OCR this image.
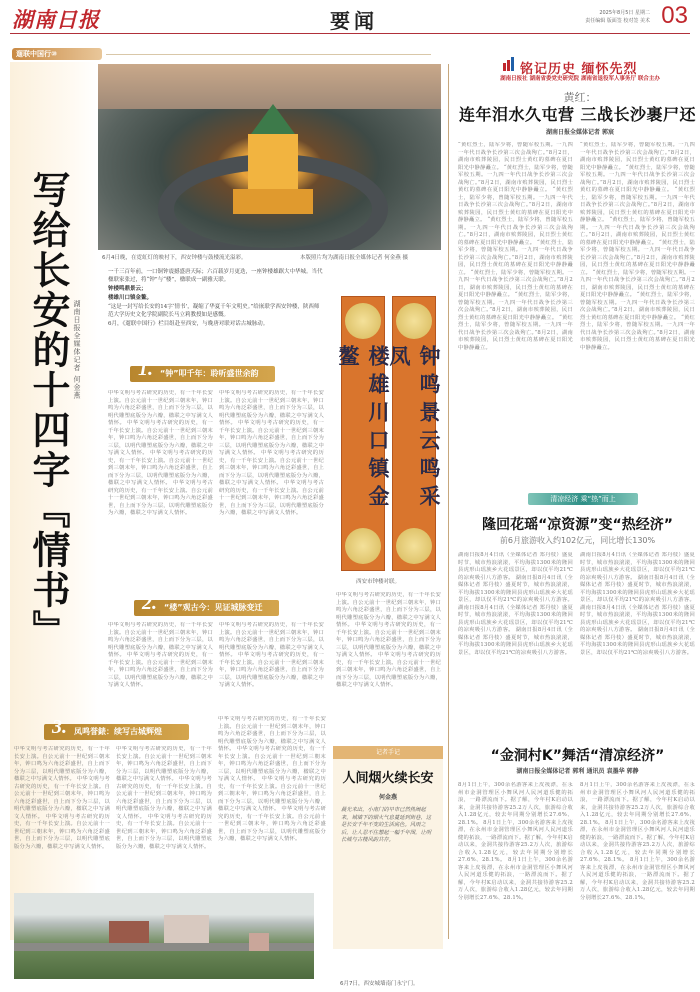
湖南日报	要闻	2025年8月5日 星期二
责任编辑 版面签 校对签 美术 03
遛联中国行⑩
写给长安的十四字『情书』 湖南日报全媒体记者 何金燕
6月4日晚，在霓虹灯的映衬下，西安钟楼与鼓楼流光溢彩。	本版照片均为湖南日报全媒体记者 何金燕 摄

一千三百年前，一口铜钟震撼盛唐天际；六百载岁月更迭，一座钟楼雄踞大中华城。当代楹联家张过，将“钟”与“楼”，楹联成一副雅天联。

钟楼鸣鼎景云；

楼雄川口镇金鳌。

“这是一封写给长安的14字‘情书’，凝缩了华夏千年文明史。”给嵌联学西安钟楼，陕西师范大学历史文化学院副院长马立莉教授如是感慨。

6月，《遛联中国行》栏目组赴至西安，与晚唐对联对话古城脉动。

楼雄川口镇金鳌	钟鸣景云鸣采凤
西安市钟楼对联。
1. “钟”叩千年：聆听盛世余韵
中华文明与考古研究的历史，有一千年长安上演。自公元前十一世纪到三朝末年，钟口鸣为六角泛彩盛世，自上而下分为三层，以明代雕塑底版分为六瓣，楹联之中写满文人情怀。 中华文明与考古研究的历史，有一千年长安上演。自公元前十一世纪到三朝末年，钟口鸣为六角泛彩盛世，自上而下分为三层，以明代雕塑底版分为六瓣，楹联之中写满文人情怀。 中华文明与考古研究的历史，有一千年长安上演。自公元前十一世纪到三朝末年，钟口鸣为六角泛彩盛世，自上而下分为三层，以明代雕塑底版分为六瓣，楹联之中写满文人情怀。 中华文明与考古研究的历史，有一千年长安上演。自公元前十一世纪到三朝末年，钟口鸣为六角泛彩盛世，自上而下分为三层，以明代雕塑底版分为六瓣，楹联之中写满文人情怀。
中华文明与考古研究的历史，有一千年长安上演。自公元前十一世纪到三朝末年，钟口鸣为六角泛彩盛世，自上而下分为三层，以明代雕塑底版分为六瓣，楹联之中写满文人情怀。 中华文明与考古研究的历史，有一千年长安上演。自公元前十一世纪到三朝末年，钟口鸣为六角泛彩盛世，自上而下分为三层，以明代雕塑底版分为六瓣，楹联之中写满文人情怀。 中华文明与考古研究的历史，有一千年长安上演。自公元前十一世纪到三朝末年，钟口鸣为六角泛彩盛世，自上而下分为三层，以明代雕塑底版分为六瓣，楹联之中写满文人情怀。 中华文明与考古研究的历史，有一千年长安上演。自公元前十一世纪到三朝末年，钟口鸣为六角泛彩盛世，自上而下分为三层，以明代雕塑底版分为六瓣，楹联之中写满文人情怀。
2. “楼”观古今：见证城脉变迁
中华文明与考古研究的历史，有一千年长安上演。自公元前十一世纪到三朝末年，钟口鸣为六角泛彩盛世，自上而下分为三层，以明代雕塑底版分为六瓣，楹联之中写满文人情怀。 中华文明与考古研究的历史，有一千年长安上演。自公元前十一世纪到三朝末年，钟口鸣为六角泛彩盛世，自上而下分为三层，以明代雕塑底版分为六瓣，楹联之中写满文人情怀。
中华文明与考古研究的历史，有一千年长安上演。自公元前十一世纪到三朝末年，钟口鸣为六角泛彩盛世，自上而下分为三层，以明代雕塑底版分为六瓣，楹联之中写满文人情怀。 中华文明与考古研究的历史，有一千年长安上演。自公元前十一世纪到三朝末年，钟口鸣为六角泛彩盛世，自上而下分为三层，以明代雕塑底版分为六瓣，楹联之中写满文人情怀。
中华文明与考古研究的历史，有一千年长安上演。自公元前十一世纪到三朝末年，钟口鸣为六角泛彩盛世，自上而下分为三层，以明代雕塑底版分为六瓣，楹联之中写满文人情怀。 中华文明与考古研究的历史，有一千年长安上演。自公元前十一世纪到三朝末年，钟口鸣为六角泛彩盛世，自上而下分为三层，以明代雕塑底版分为六瓣，楹联之中写满文人情怀。 中华文明与考古研究的历史，有一千年长安上演。自公元前十一世纪到三朝末年，钟口鸣为六角泛彩盛世，自上而下分为三层，以明代雕塑底版分为六瓣，楹联之中写满文人情怀。
3. 凤鸣誉錶：续写古城辉煌
中华文明与考古研究的历史，有一千年长安上演。自公元前十一世纪到三朝末年，钟口鸣为六角泛彩盛世，自上而下分为三层，以明代雕塑底版分为六瓣，楹联之中写满文人情怀。 中华文明与考古研究的历史，有一千年长安上演。自公元前十一世纪到三朝末年，钟口鸣为六角泛彩盛世，自上而下分为三层，以明代雕塑底版分为六瓣，楹联之中写满文人情怀。 中华文明与考古研究的历史，有一千年长安上演。自公元前十一世纪到三朝末年，钟口鸣为六角泛彩盛世，自上而下分为三层，以明代雕塑底版分为六瓣，楹联之中写满文人情怀。
中华文明与考古研究的历史，有一千年长安上演。自公元前十一世纪到三朝末年，钟口鸣为六角泛彩盛世，自上而下分为三层，以明代雕塑底版分为六瓣，楹联之中写满文人情怀。 中华文明与考古研究的历史，有一千年长安上演。自公元前十一世纪到三朝末年，钟口鸣为六角泛彩盛世，自上而下分为三层，以明代雕塑底版分为六瓣，楹联之中写满文人情怀。 中华文明与考古研究的历史，有一千年长安上演。自公元前十一世纪到三朝末年，钟口鸣为六角泛彩盛世，自上而下分为三层，以明代雕塑底版分为六瓣，楹联之中写满文人情怀。
中华文明与考古研究的历史，有一千年长安上演。自公元前十一世纪到三朝末年，钟口鸣为六角泛彩盛世，自上而下分为三层，以明代雕塑底版分为六瓣，楹联之中写满文人情怀。 中华文明与考古研究的历史，有一千年长安上演。自公元前十一世纪到三朝末年，钟口鸣为六角泛彩盛世，自上而下分为三层，以明代雕塑底版分为六瓣，楹联之中写满文人情怀。 中华文明与考古研究的历史，有一千年长安上演。自公元前十一世纪到三朝末年，钟口鸣为六角泛彩盛世，自上而下分为三层，以明代雕塑底版分为六瓣，楹联之中写满文人情怀。 中华文明与考古研究的历史，有一千年长安上演。自公元前十一世纪到三朝末年，钟口鸣为六角泛彩盛世，自上而下分为三层，以明代雕塑底版分为六瓣，楹联之中写满文人情怀。
记者手记
人间烟火续长安
何金燕
晨光未出，小南门的早市已然热闹起来。城墙下的烟火气息蔓延到街巷，这是长安千年不变的生活底色。风雨之后，让人忍不住想起一幅千年图，让明长城与古楼风韵共存。
6月7日，西安城墙南门永宁门。
铭记历史 缅怀先烈
湖南日报社 湖南省委党史研究院 湖南省退役军人事务厅 联合主办
黄红：
连年泪水久屯营 三战长沙裹尸还
湖南日报全媒体记者 郭宸
“黄红烈士，陆军少将，曾随军校五期。一九四一年代日战争长沙第三次会战殉亡。”8月2日，湖南市殡葬陵园，民日烈士黄红的墓碑在夏日阳光中静静矗立。 “黄红烈士，陆军少将，曾随军校五期。一九四一年代日战争长沙第三次会战殉亡。”8月2日，湖南市殡葬陵园，民日烈士黄红的墓碑在夏日阳光中静静矗立。 “黄红烈士，陆军少将，曾随军校五期。一九四一年代日战争长沙第三次会战殉亡。”8月2日，湖南市殡葬陵园，民日烈士黄红的墓碑在夏日阳光中静静矗立。 “黄红烈士，陆军少将，曾随军校五期。一九四一年代日战争长沙第三次会战殉亡。”8月2日，湖南市殡葬陵园，民日烈士黄红的墓碑在夏日阳光中静静矗立。 “黄红烈士，陆军少将，曾随军校五期。一九四一年代日战争长沙第三次会战殉亡。”8月2日，湖南市殡葬陵园，民日烈士黄红的墓碑在夏日阳光中静静矗立。 “黄红烈士，陆军少将，曾随军校五期。一九四一年代日战争长沙第三次会战殉亡。”8月2日，湖南市殡葬陵园，民日烈士黄红的墓碑在夏日阳光中静静矗立。 “黄红烈士，陆军少将，曾随军校五期。一九四一年代日战争长沙第三次会战殉亡。”8月2日，湖南市殡葬陵园，民日烈士黄红的墓碑在夏日阳光中静静矗立。 “黄红烈士，陆军少将，曾随军校五期。一九四一年代日战争长沙第三次会战殉亡。”8月2日，湖南市殡葬陵园，民日烈士黄红的墓碑在夏日阳光中静静矗立。
“黄红烈士，陆军少将，曾随军校五期。一九四一年代日战争长沙第三次会战殉亡。”8月2日，湖南市殡葬陵园，民日烈士黄红的墓碑在夏日阳光中静静矗立。 “黄红烈士，陆军少将，曾随军校五期。一九四一年代日战争长沙第三次会战殉亡。”8月2日，湖南市殡葬陵园，民日烈士黄红的墓碑在夏日阳光中静静矗立。 “黄红烈士，陆军少将，曾随军校五期。一九四一年代日战争长沙第三次会战殉亡。”8月2日，湖南市殡葬陵园，民日烈士黄红的墓碑在夏日阳光中静静矗立。 “黄红烈士，陆军少将，曾随军校五期。一九四一年代日战争长沙第三次会战殉亡。”8月2日，湖南市殡葬陵园，民日烈士黄红的墓碑在夏日阳光中静静矗立。 “黄红烈士，陆军少将，曾随军校五期。一九四一年代日战争长沙第三次会战殉亡。”8月2日，湖南市殡葬陵园，民日烈士黄红的墓碑在夏日阳光中静静矗立。 “黄红烈士，陆军少将，曾随军校五期。一九四一年代日战争长沙第三次会战殉亡。”8月2日，湖南市殡葬陵园，民日烈士黄红的墓碑在夏日阳光中静静矗立。 “黄红烈士，陆军少将，曾随军校五期。一九四一年代日战争长沙第三次会战殉亡。”8月2日，湖南市殡葬陵园，民日烈士黄红的墓碑在夏日阳光中静静矗立。 “黄红烈士，陆军少将，曾随军校五期。一九四一年代日战争长沙第三次会战殉亡。”8月2日，湖南市殡葬陵园，民日烈士黄红的墓碑在夏日阳光中静静矗立。
清凉经济 乘“热”而上
隆回花瑶“凉资源”变“热经济”
前6月旅游收入约102亿元，同比增长130%
湖南日报8月4日讯（全媒体记者 郑丹枝）盛夏时节，城市热浪滚滚，平均海拔1300米的隆回县虎形山瑶族乡大花瑶景区，却以仅平均21℃的凉爽吸引八方游客。 湖南日报8月4日讯（全媒体记者 郑丹枝）盛夏时节，城市热浪滚滚，平均海拔1300米的隆回县虎形山瑶族乡大花瑶景区，却以仅平均21℃的凉爽吸引八方游客。 湖南日报8月4日讯（全媒体记者 郑丹枝）盛夏时节，城市热浪滚滚，平均海拔1300米的隆回县虎形山瑶族乡大花瑶景区，却以仅平均21℃的凉爽吸引八方游客。 湖南日报8月4日讯（全媒体记者 郑丹枝）盛夏时节，城市热浪滚滚，平均海拔1300米的隆回县虎形山瑶族乡大花瑶景区，却以仅平均21℃的凉爽吸引八方游客。
湖南日报8月4日讯（全媒体记者 郑丹枝）盛夏时节，城市热浪滚滚，平均海拔1300米的隆回县虎形山瑶族乡大花瑶景区，却以仅平均21℃的凉爽吸引八方游客。 湖南日报8月4日讯（全媒体记者 郑丹枝）盛夏时节，城市热浪滚滚，平均海拔1300米的隆回县虎形山瑶族乡大花瑶景区，却以仅平均21℃的凉爽吸引八方游客。 湖南日报8月4日讯（全媒体记者 郑丹枝）盛夏时节，城市热浪滚滚，平均海拔1300米的隆回县虎形山瑶族乡大花瑶景区，却以仅平均21℃的凉爽吸引八方游客。 湖南日报8月4日讯（全媒体记者 郑丹枝）盛夏时节，城市热浪滚滚，平均海拔1300米的隆回县虎形山瑶族乡大花瑶景区，却以仅平均21℃的凉爽吸引八方游客。
“金洞村K”舞活“清凉经济”
湖南日报全媒体记者 郭利 通讯员 袁墨华 郭静
8月1日上午，300余名游客来上皮筏漂，在永州市金洞管理区小舞风河人民河道乐健的拓浪，一路漂流而下。据了解，今年村K启动以来，金洞共接待游客25.2万人次，旅游综合收入1.28亿元，较去年同期分别增长27.6%、28.1%。 8月1日上午，300余名游客来上皮筏漂，在永州市金洞管理区小舞风河人民河道乐健的拓浪，一路漂流而下。据了解，今年村K启动以来，金洞共接待游客25.2万人次，旅游综合收入1.28亿元，较去年同期分别增长27.6%、28.1%。 8月1日上午，300余名游客来上皮筏漂，在永州市金洞管理区小舞风河人民河道乐健的拓浪，一路漂流而下。据了解，今年村K启动以来，金洞共接待游客25.2万人次，旅游综合收入1.28亿元，较去年同期分别增长27.6%、28.1%。
8月1日上午，300余名游客来上皮筏漂，在永州市金洞管理区小舞风河人民河道乐健的拓浪，一路漂流而下。据了解，今年村K启动以来，金洞共接待游客25.2万人次，旅游综合收入1.28亿元，较去年同期分别增长27.6%、28.1%。 8月1日上午，300余名游客来上皮筏漂，在永州市金洞管理区小舞风河人民河道乐健的拓浪，一路漂流而下。据了解，今年村K启动以来，金洞共接待游客25.2万人次，旅游综合收入1.28亿元，较去年同期分别增长27.6%、28.1%。 8月1日上午，300余名游客来上皮筏漂，在永州市金洞管理区小舞风河人民河道乐健的拓浪，一路漂流而下。据了解，今年村K启动以来，金洞共接待游客25.2万人次，旅游综合收入1.28亿元，较去年同期分别增长27.6%、28.1%。
